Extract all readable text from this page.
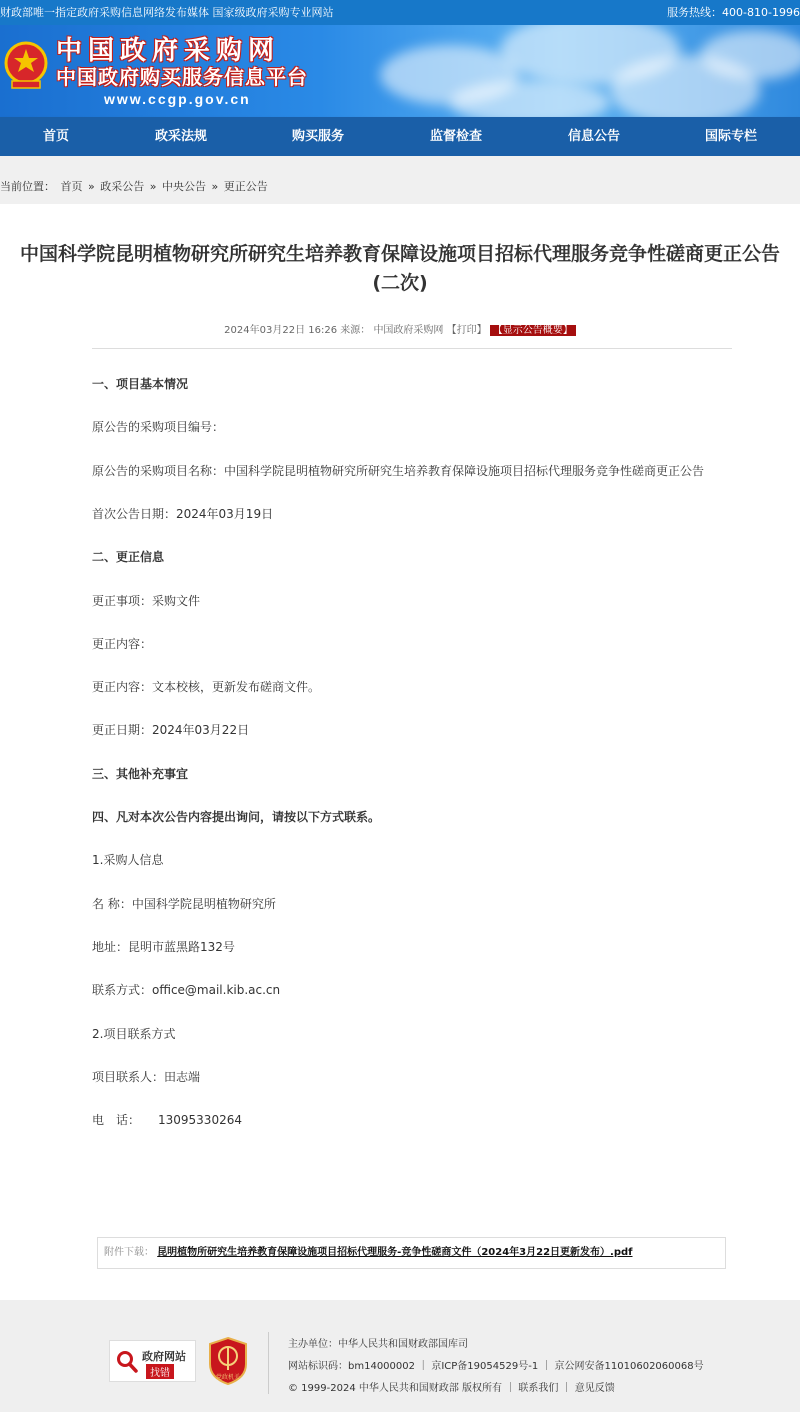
财政部唯一指定政府采购信息网络发布媒体 国家级政府采购专业网站	服务热线：400-810-1996
中国政府采购网
中国政府购买服务信息平台
www.ccgp.gov.cn
首页	政采法规	购买服务	监督检查	信息公告	国际专栏
当前位置： 首页 » 政采公告 » 中央公告 » 更正公告
中国科学院昆明植物研究所研究生培养教育保障设施项目招标代理服务竞争性磋商更正公告(二次)
2024年03月22日 16:26 来源： 中国政府采购网 【打印】 【显示公告概要】
一、项目基本情况
原公告的采购项目编号：
原公告的采购项目名称：中国科学院昆明植物研究所研究生培养教育保障设施项目招标代理服务竞争性磋商更正公告
首次公告日期：2024年03月19日
二、更正信息
更正事项：采购文件
更正内容：
更正内容：文本校核，更新发布磋商文件。
更正日期：2024年03月22日
三、其他补充事宜
四、凡对本次公告内容提出询问，请按以下方式联系。
1.采购人信息
名 称：中国科学院昆明植物研究所
地址：昆明市蓝黑路132号
联系方式：office@mail.kib.ac.cn
2.项目联系方式
项目联系人：田志端
电　话：　　13095330264
附件下载： 昆明植物所研究生培养教育保障设施项目招标代理服务-竞争性磋商文件（2024年3月22日更新发布）.pdf
政府网站
找错	党政机关
主办单位：中华人民共和国财政部国库司
网站标识码：bm14000002 ｜ 京ICP备19054529号-1 ｜ 京公网安备11010602060068号
© 1999-2024 中华人民共和国财政部 版权所有 ｜ 联系我们 ｜ 意见反馈
